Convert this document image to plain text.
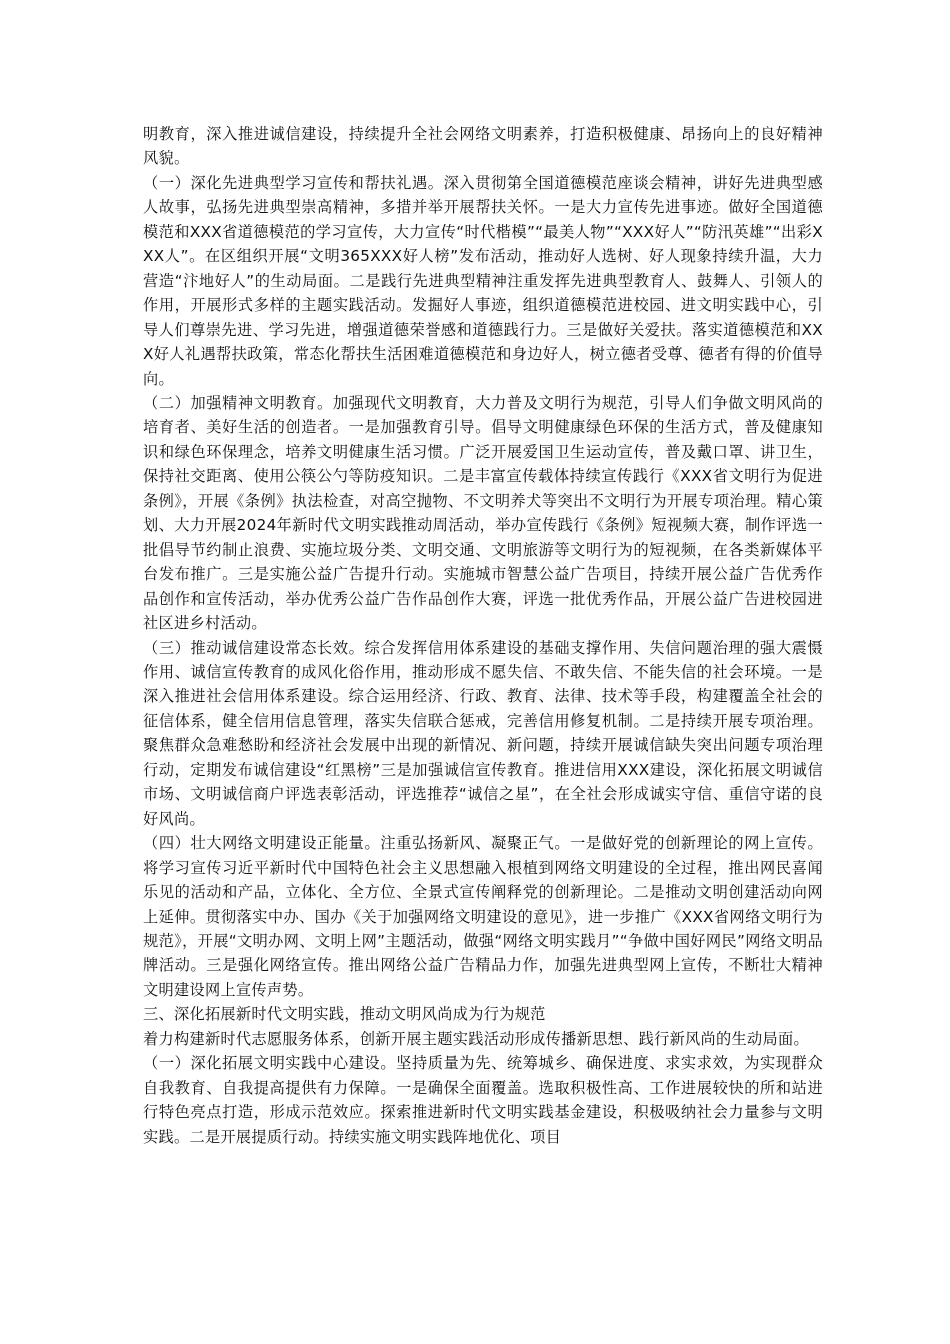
明教育，深入推进诚信建设，持续提升全社会网络文明素养，打造积极健康、昂扬向上的良好精神风貌。

（一）深化先进典型学习宣传和帮扶礼遇。深入贯彻第全国道德模范座谈会精神，讲好先进典型感人故事，弘扬先进典型崇高精神，多措并举开展帮扶关怀。一是大力宣传先进事迹。做好全国道德模范和XXX省道德模范的学习宣传，大力宣传“时代楷模”“最美人物”“XXX好人”“防汛英雄”“出彩XXX人”。在区组织开展“文明365XXX好人榜”发布活动，推动好人选树、好人现象持续升温，大力营造“汴地好人”的生动局面。二是践行先进典型精神注重发挥先进典型教育人、鼓舞人、引领人的作用，开展形式多样的主题实践活动。发掘好人事迹，组织道德模范进校园、进文明实践中心，引导人们尊崇先进、学习先进，增强道德荣誉感和道德践行力。三是做好关爱扶。落实道德模范和XXX好人礼遇帮扶政策，常态化帮扶生活困难道德模范和身边好人，树立德者受尊、德者有得的价值导向。

（二）加强精神文明教育。加强现代文明教育，大力普及文明行为规范，引导人们争做文明风尚的培育者、美好生活的创造者。一是加强教育引导。倡导文明健康绿色环保的生活方式，普及健康知识和绿色环保理念，培养文明健康生活习惯。广泛开展爱国卫生运动宣传，普及戴口罩、讲卫生，保持社交距离、使用公筷公勺等防疫知识。二是丰富宣传载体持续宣传践行《XXX省文明行为促进条例》，开展《条例》执法检查，对高空抛物、不文明养犬等突出不文明行为开展专项治理。精心策划、大力开展2024年新时代文明实践推动周活动，举办宣传践行《条例》短视频大赛，制作评选一批倡导节约制止浪费、实施垃圾分类、文明交通、文明旅游等文明行为的短视频，在各类新媒体平台发布推广。三是实施公益广告提升行动。实施城市智慧公益广告项目，持续开展公益广告优秀作品创作和宣传活动，举办优秀公益广告作品创作大赛，评选一批优秀作品，开展公益广告进校园进社区进乡村活动。

（三）推动诚信建设常态长效。综合发挥信用体系建设的基础支撑作用、失信问题治理的强大震慑作用、诚信宣传教育的成风化俗作用，推动形成不愿失信、不敢失信、不能失信的社会环境。一是深入推进社会信用体系建设。综合运用经济、行政、教育、法律、技术等手段，构建覆盖全社会的征信体系，健全信用信息管理，落实失信联合惩戒，完善信用修复机制。二是持续开展专项治理。聚焦群众急难愁盼和经济社会发展中出现的新情况、新问题，持续开展诚信缺失突出问题专项治理行动，定期发布诚信建设“红黑榜”三是加强诚信宣传教育。推进信用XXX建设，深化拓展文明诚信市场、文明诚信商户评选表彰活动，评选推荐“诚信之星”，在全社会形成诚实守信、重信守诺的良好风尚。

（四）壮大网络文明建设正能量。注重弘扬新风、凝聚正气。一是做好党的创新理论的网上宣传。将学习宣传习近平新时代中国特色社会主义思想融入根植到网络文明建设的全过程，推出网民喜闻乐见的活动和产品，立体化、全方位、全景式宣传阐释党的创新理论。二是推动文明创建活动向网上延伸。贯彻落实中办、国办《关于加强网络文明建设的意见》，进一步推广《XXX省网络文明行为规范》，开展“文明办网、文明上网”主题活动，做强“网络文明实践月”“争做中国好网民”网络文明品牌活动。三是强化网络宣传。推出网络公益广告精品力作，加强先进典型网上宣传，不断壮大精神文明建设网上宣传声势。

三、深化拓展新时代文明实践，推动文明风尚成为行为规范

着力构建新时代志愿服务体系，创新开展主题实践活动形成传播新思想、践行新风尚的生动局面。

（一）深化拓展文明实践中心建设。坚持质量为先、统筹城乡、确保进度、求实求效，为实现群众自我教育、自我提高提供有力保障。一是确保全面覆盖。选取积极性高、工作进展较快的所和站进行特色亮点打造，形成示范效应。探索推进新时代文明实践基金建设，积极吸纳社会力量参与文明实践。二是开展提质行动。持续实施文明实践阵地优化、项目
